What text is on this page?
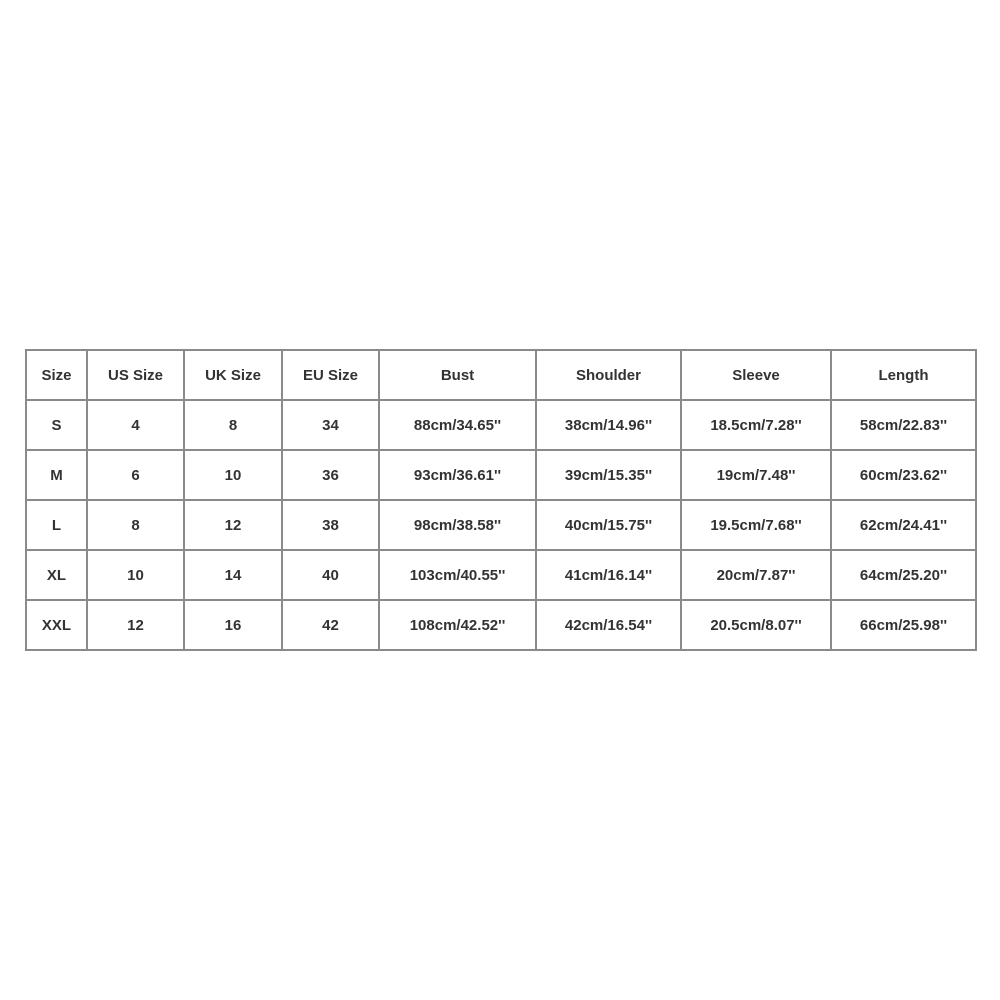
Size	US Size	UK Size	EU Size	Bust	Shoulder	Sleeve	Length
S	4	8	34	88cm/34.65''	38cm/14.96''	18.5cm/7.28''	58cm/22.83''
M	6	10	36	93cm/36.61''	39cm/15.35''	19cm/7.48''	60cm/23.62''
L	8	12	38	98cm/38.58''	40cm/15.75''	19.5cm/7.68''	62cm/24.41''
XL	10	14	40	103cm/40.55''	41cm/16.14''	20cm/7.87''	64cm/25.20''
XXL	12	16	42	108cm/42.52''	42cm/16.54''	20.5cm/8.07''	66cm/25.98''
